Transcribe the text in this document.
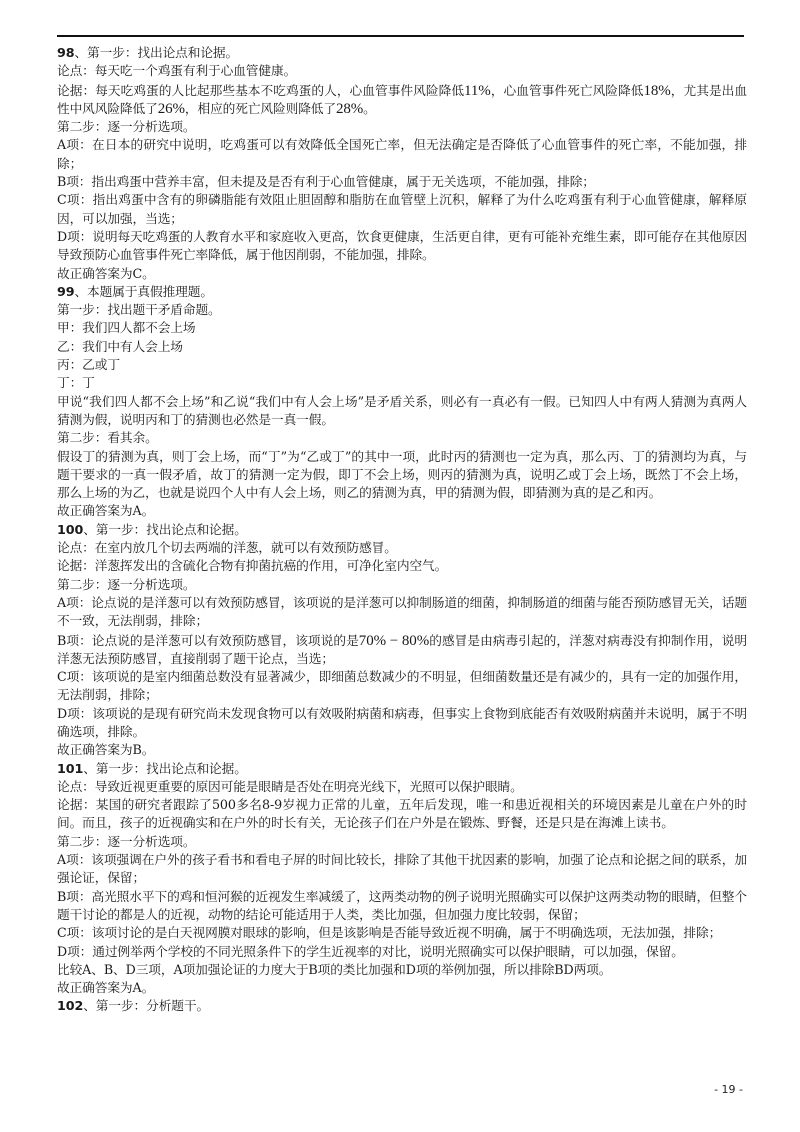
98、第一步：找出论点和论据。

论点：每天吃一个鸡蛋有利于心血管健康。

论据：每天吃鸡蛋的人比起那些基本不吃鸡蛋的人，心血管事件风险降低11%，心血管事件死亡风险降低18%，尤其是出血性中风风险降低了26%，相应的死亡风险则降低了28%。

第二步：逐一分析选项。

A项：在日本的研究中说明，吃鸡蛋可以有效降低全国死亡率，但无法确定是否降低了心血管事件的死亡率，不能加强，排除；

B项：指出鸡蛋中营养丰富，但未提及是否有利于心血管健康，属于无关选项，不能加强，排除；

C项：指出鸡蛋中含有的卵磷脂能有效阻止胆固醇和脂肪在血管壁上沉积，解释了为什么吃鸡蛋有利于心血管健康，解释原因，可以加强，当选；

D项：说明每天吃鸡蛋的人教育水平和家庭收入更高，饮食更健康，生活更自律，更有可能补充维生素，即可能存在其他原因导致预防心血管事件死亡率降低，属于他因削弱，不能加强，排除。

故正确答案为C。

99、本题属于真假推理题。

第一步：找出题干矛盾命题。

甲：我们四人都不会上场

乙：我们中有人会上场

丙：乙或丁

丁：丁

甲说“我们四人都不会上场”和乙说“我们中有人会上场”是矛盾关系，则必有一真必有一假。已知四人中有两人猜测为真两人猜测为假，说明丙和丁的猜测也必然是一真一假。

第二步：看其余。

假设丁的猜测为真，则丁会上场，而“丁”为“乙或丁”的其中一项，此时丙的猜测也一定为真，那么丙、丁的猜测均为真，与题干要求的一真一假矛盾，故丁的猜测一定为假，即丁不会上场，则丙的猜测为真，说明乙或丁会上场，既然丁不会上场，那么上场的为乙，也就是说四个人中有人会上场，则乙的猜测为真，甲的猜测为假，即猜测为真的是乙和丙。

故正确答案为A。

100、第一步：找出论点和论据。

论点：在室内放几个切去两端的洋葱，就可以有效预防感冒。

论据：洋葱挥发出的含硫化合物有抑菌抗癌的作用，可净化室内空气。

第二步：逐一分析选项。

A项：论点说的是洋葱可以有效预防感冒，该项说的是洋葱可以抑制肠道的细菌，抑制肠道的细菌与能否预防感冒无关，话题不一致，无法削弱，排除；

B项：论点说的是洋葱可以有效预防感冒，该项说的是70% − 80%的感冒是由病毒引起的，洋葱对病毒没有抑制作用，说明洋葱无法预防感冒，直接削弱了题干论点，当选；

C项：该项说的是室内细菌总数没有显著减少，即细菌总数减少的不明显，但细菌数量还是有减少的，具有一定的加强作用，无法削弱，排除；

D项：该项说的是现有研究尚未发现食物可以有效吸附病菌和病毒，但事实上食物到底能否有效吸附病菌并未说明，属于不明确选项，排除。

故正确答案为B。

101、第一步：找出论点和论据。

论点：导致近视更重要的原因可能是眼睛是否处在明亮光线下，光照可以保护眼睛。

论据：某国的研究者跟踪了500多名8-9岁视力正常的儿童，五年后发现，唯一和患近视相关的环境因素是儿童在户外的时间。而且，孩子的近视确实和在户外的时长有关，无论孩子们在户外是在锻炼、野餐，还是只是在海滩上读书。

第二步：逐一分析选项。

A项：该项强调在户外的孩子看书和看电子屏的时间比较长，排除了其他干扰因素的影响，加强了论点和论据之间的联系，加强论证，保留；

B项：高光照水平下的鸡和恒河猴的近视发生率减缓了，这两类动物的例子说明光照确实可以保护这两类动物的眼睛，但整个题干讨论的都是人的近视，动物的结论可能适用于人类，类比加强，但加强力度比较弱，保留；

C项：该项讨论的是白天视网膜对眼球的影响，但是该影响是否能导致近视不明确，属于不明确选项，无法加强，排除；

D项：通过例举两个学校的不同光照条件下的学生近视率的对比，说明光照确实可以保护眼睛，可以加强，保留。

比较A、B、D三项，A项加强论证的力度大于B项的类比加强和D项的举例加强，所以排除BD两项。

故正确答案为A。

102、第一步：分析题干。

- 19 -
